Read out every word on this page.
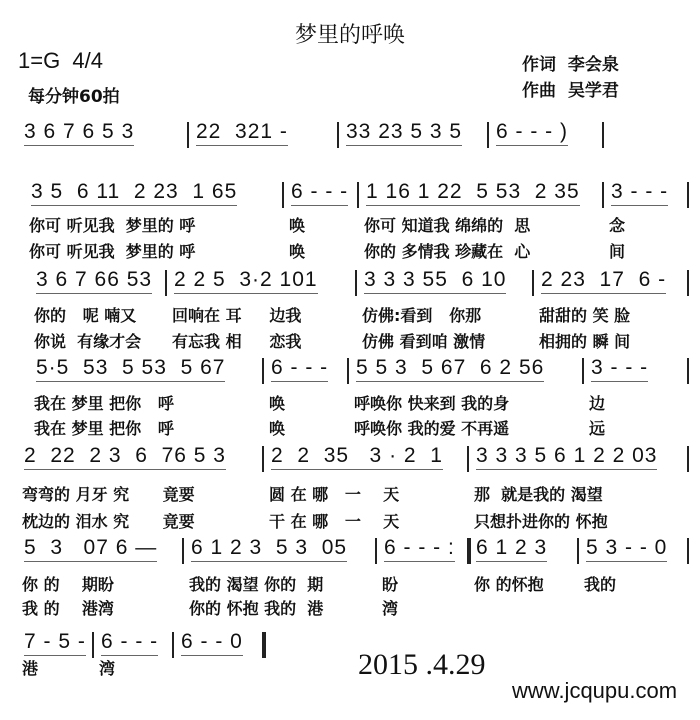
梦里的呼唤
1=G  4/4
每分钟60拍
作词  李会泉
作曲  吴学君
3 6 7 6 5 3	22  321 -	33 23 5 3 5 6 - - - )
3 5  6 11  2 23  1 65
你可 听见我  梦里的 呼
你可 听见我  梦里的 呼
6 - - -
唤
唤
1 16 1 22  5 53  2 35
你可 知道我 绵绵的  思
你的 多情我 珍藏在  心
3 - - -
念
间
3 6 7 66 53
你的   呢 喃又
你说  有缘才会
2 2 5  3·2 101
回响在 耳     边我
有忘我 相     恋我
3 3 3 55  6 10
仿佛:看到   你那
仿佛 看到咱 激情
2 23  17  6 -
甜甜的 笑 脸
相拥的 瞬 间
5·5  53  5 53  5 67
我在 梦里 把你   呼
我在 梦里 把你   呼
6 - - -
唤
唤
5 5 3  5 67  6 2 56
呼唤你 快来到 我的身
呼唤你 我的爱 不再遥
3 - - -
边
远
2  22  2 3  6  76 5 3
弯弯的 月牙 究      竟要
枕边的 泪水 究      竟要
2  2  35   3 · 2  1
圆 在 哪   一    天
干 在 哪   一    天
3 3 3 5 6 1 2 2 03
那  就是我的 渴望
只想扑进你的 怀抱
5  3   07 6 —
你 的    期盼
我 的    港湾
6 1 2 3  5 3  05
我的 渴望 你的  期
你的 怀抱 我的  港
6 - - - :
盼
湾
6 1 2 3
你 的怀抱
5 3 - - 0
我的
7 - 5 -
港
6 - - -
湾
6 - - 0
2015 .4.29
www.jcqupu.com
